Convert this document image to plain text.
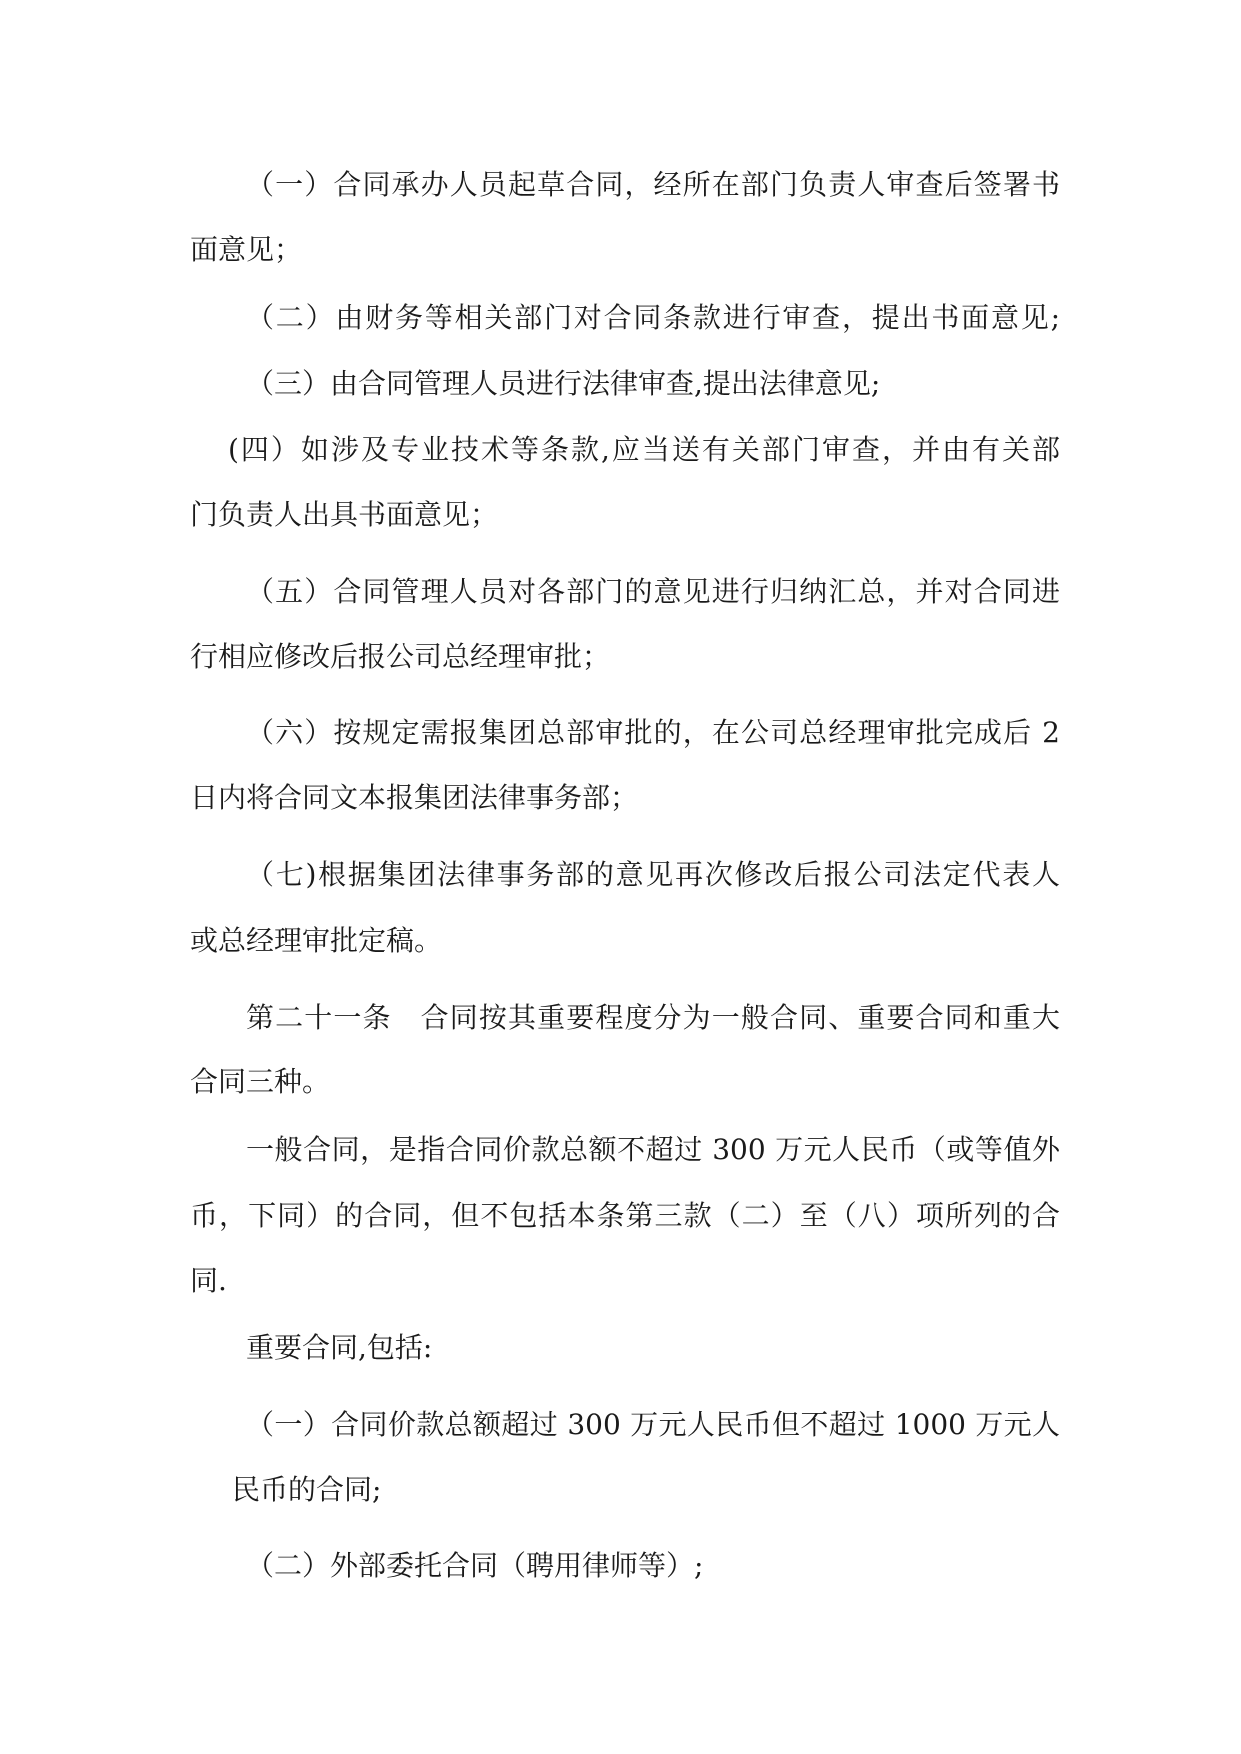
（一）合同承办人员起草合同，经所在部门负责人审查后签署书
面意见；
（二）由财务等相关部门对合同条款进行审查，提出书面意见;
（三）由合同管理人员进行法律审查,提出法律意见;
(四）如涉及专业技术等条款,应当送有关部门审查，并由有关部
门负责人出具书面意见；
（五）合同管理人员对各部门的意见进行归纳汇总，并对合同进
行相应修改后报公司总经理审批；
（六）按规定需报集团总部审批的，在公司总经理审批完成后 2
日内将合同文本报集团法律事务部；
（七)根据集团法律事务部的意见再次修改后报公司法定代表人
或总经理审批定稿。
第二十一条　合同按其重要程度分为一般合同、重要合同和重大
合同三种。
一般合同，是指合同价款总额不超过 300 万元人民币（或等值外
币，下同）的合同，但不包括本条第三款（二）至（八）项所列的合
同.
重要合同,包括:
（一）合同价款总额超过 300 万元人民币但不超过 1000 万元人
民币的合同;
（二）外部委托合同（聘用律师等）;
